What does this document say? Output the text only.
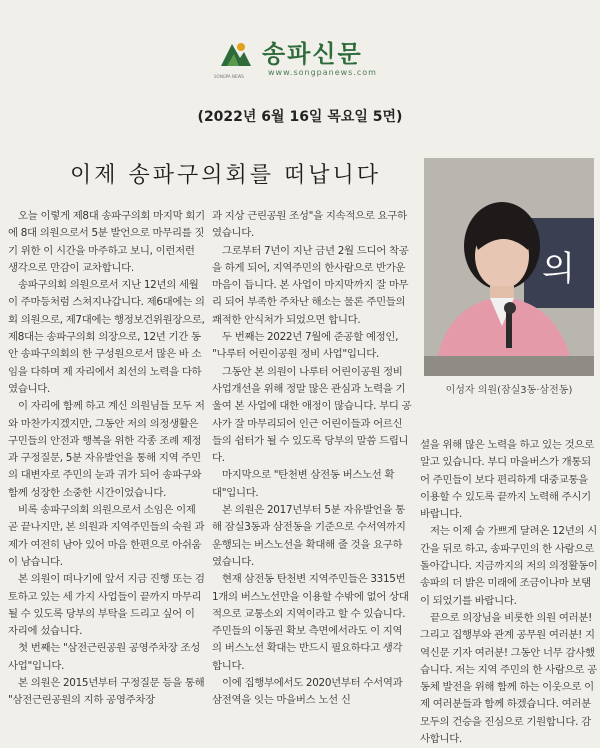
송파신문
www.songpanews.com
SONGPA NEWS
(2022년 6월 16일 목요일 5면)
이제 송파구의회를 떠납니다

오늘 이렇게 제8대 송파구의회 마지막 회기에 8대 의원으로서 5분 발언으로 마무리를 짓기 위한 이 시간을 마주하고 보니, 이런저런 생각으로 만감이 교차합니다.

송파구의회 의원으로서 지난 12년의 세월이 주마등처럼 스쳐지나갑니다. 제6대에는 의회 의원으로, 제7대에는 행정보건위원장으로, 제8대는 송파구의회 의장으로, 12년 기간 동안 송파구의회의 한 구성원으로서 많은 바 소임을 다하며 제 자리에서 최선의 노력을 다하였습니다.

이 자리에 함께 하고 계신 의원님들 모두 저와 마찬가지겠지만, 그동안 저의 의정생활은 구민들의 안전과 행복을 위한 각종 조례 제정과 구정질문, 5분 자유발언을 통해 지역 주민의 대변자로 주민의 눈과 귀가 되어 송파구와 함께 성장한 소중한 시간이었습니다.

비록 송파구의회 의원으로서 소임은 이제 곧 끝나지만, 본 의원과 지역주민들의 숙원 과제가 여전히 남아 있어 마음 한편으로 아쉬움이 남습니다.

본 의원이 떠나기에 앞서 지금 진행 또는 검토하고 있는 세 가지 사업들이 끝까지 마무리 될 수 있도록 당부의 부탁을 드리고 싶어 이 자리에 섰습니다.

첫 번째는 "삼전근린공원 공영주차장 조성사업"입니다.

본 의원은 2015년부터 구정질문 등을 통해 "삼전근린공원의 지하 공영주차장

과 지상 근린공원 조성"을 지속적으로 요구하였습니다.

그로부터 7년이 지난 금년 2월 드디어 착공을 하게 되어, 지역주민의 한사람으로 반가운 마음이 듭니다. 본 사업이 마지막까지 잘 마무리 되어 부족한 주차난 해소는 물론 주민들의 쾌적한 안식처가 되었으면 합니다.

두 번째는 2022년 7월에 준공할 예정인, "나루터 어린이공원 정비 사업"입니다.

그동안 본 의원이 나루터 어린이공원 정비 사업개선을 위해 정말 많은 관심과 노력을 기울여 본 사업에 대한 애정이 많습니다. 부디 공사가 잘 마무리되어 인근 어린이들과 어르신들의 쉼터가 될 수 있도록 당부의 말씀 드립니다.

마지막으로 "탄천변 삼전동 버스노선 확대"입니다.

본 의원은 2017년부터 5분 자유발언을 통해 잠실3동과 삼전동을 기준으로 수서역까지 운행되는 버스노선을 확대해 줄 것을 요구하였습니다.

현재 삼전동 탄천변 지역주민들은 3315번 1개의 버스노선만을 이용할 수밖에 없어 상대적으로 교통소외 지역이라고 할 수 있습니다. 주민들의 이동권 확보 측면에서라도 이 지역의 버스노선 확대는 반드시 필요하다고 생각합니다.

이에 집행부에서도 2020년부터 수서역과 삼전역을 잇는 마을버스 노선 신

의
이성자 의원(잠실3동·삼전동)

설을 위해 많은 노력을 하고 있는 것으로 알고 있습니다. 부디 마을버스가 개통되어 주민들이 보다 편리하게 대중교통을 이용할 수 있도록 끝까지 노력해 주시기 바랍니다.

저는 이제 숨 가쁘게 달려온 12년의 시간을 뒤로 하고, 송파구민의 한 사람으로 돌아갑니다. 지금까지의 저의 의정활동이 송파의 더 밝은 미래에 조금이나마 보탬이 되었기를 바랍니다.

끝으로 의장님을 비롯한 의원 여러분! 그리고 집행부와 관계 공무원 여러분! 지역신문 기자 여러분! 그동안 너무 감사했습니다. 저는 지역 주민의 한 사람으로 공동체 발전을 위해 함께 하는 이웃으로 이제 여러분들과 함께 하겠습니다. 여러분 모두의 건승을 진심으로 기원합니다. 감사합니다.
